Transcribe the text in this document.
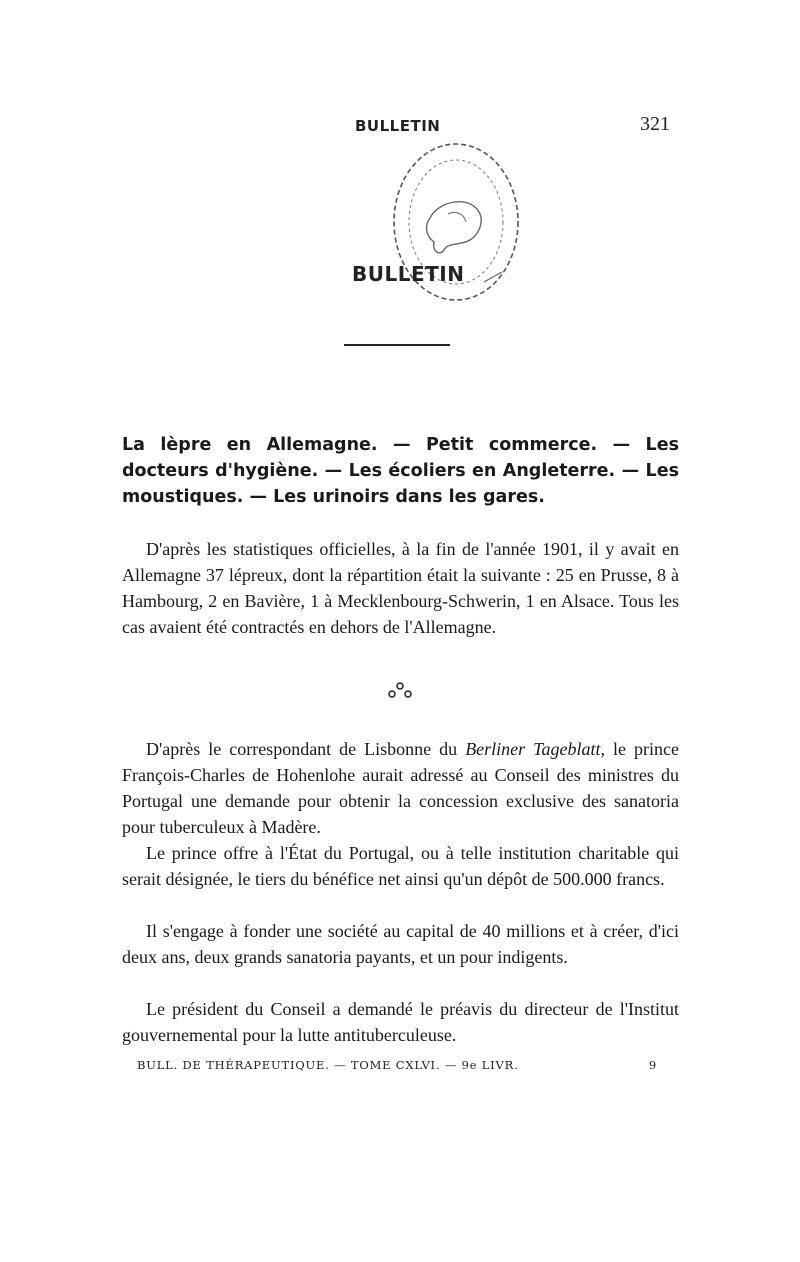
BULLETIN	321
BULLETIN
La lèpre en Allemagne. — Petit commerce. — Les docteurs d'hygiène. — Les écoliers en Angleterre. — Les moustiques. — Les urinoirs dans les gares.

D'après les statistiques officielles, à la fin de l'année 1901, il y avait en Allemagne 37 lépreux, dont la répartition était la suivante : 25 en Prusse, 8 à Hambourg, 2 en Bavière, 1 à Mecklenbourg-Schwerin, 1 en Alsace. Tous les cas avaient été contractés en dehors de l'Allemagne.

D'après le correspondant de Lisbonne du Berliner Tageblatt, le prince François-Charles de Hohenlohe aurait adressé au Conseil des ministres du Portugal une demande pour obtenir la concession exclusive des sanatoria pour tuberculeux à Madère.

Le prince offre à l'État du Portugal, ou à telle institution charitable qui serait désignée, le tiers du bénéfice net ainsi qu'un dépôt de 500.000 francs.

Il s'engage à fonder une société au capital de 40 millions et à créer, d'ici deux ans, deux grands sanatoria payants, et un pour indigents.

Le président du Conseil a demandé le préavis du directeur de l'Institut gouvernemental pour la lutte antituberculeuse.

BULL. DE THÉRAPEUTIQUE. — TOME CXLVI. — 9e LIVR.	9
